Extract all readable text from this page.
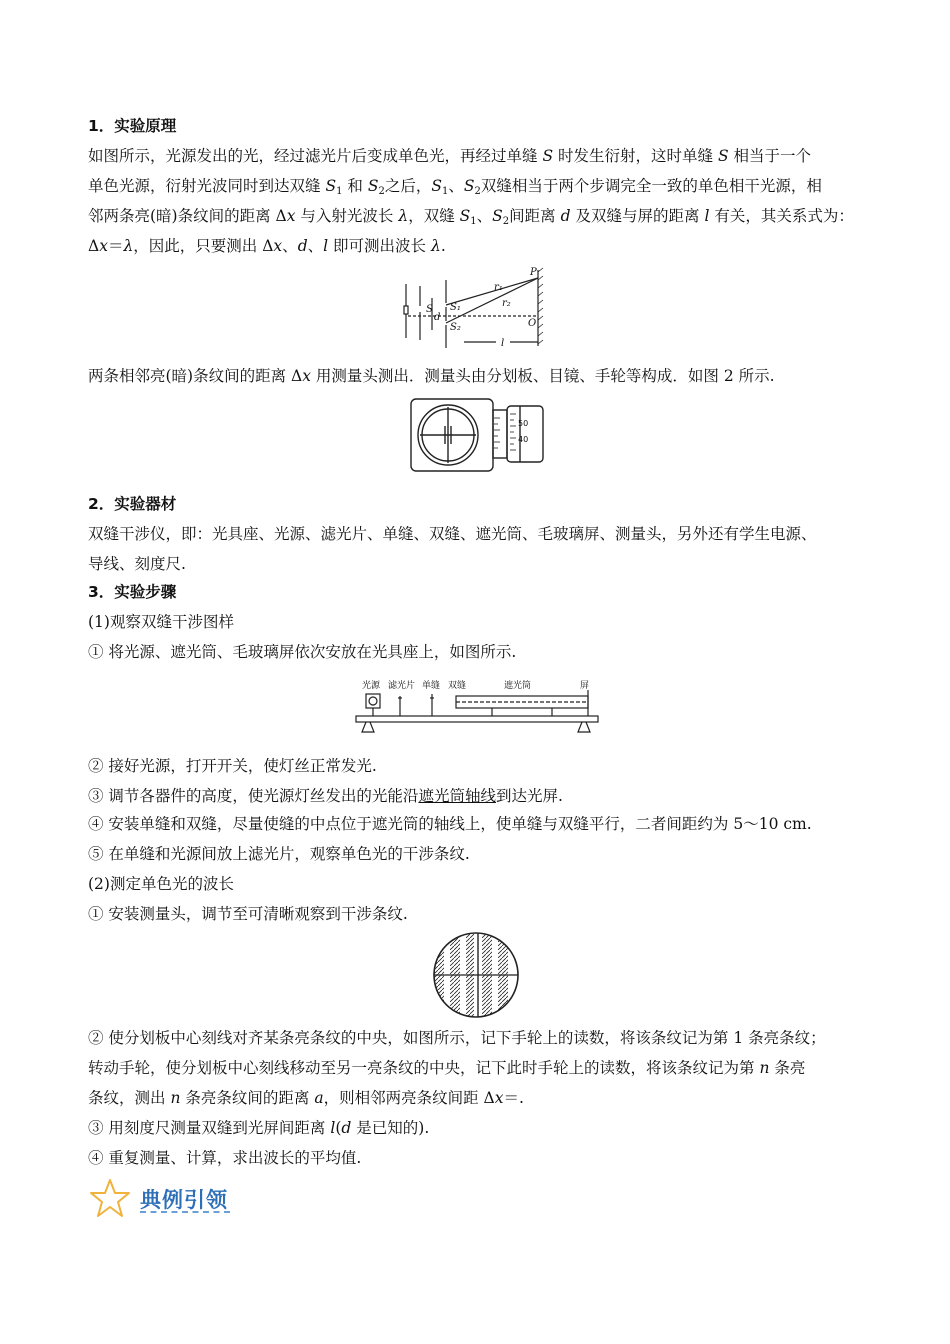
1．实验原理
如图所示，光源发出的光，经过滤光片后变成单色光，再经过单缝 S 时发生衍射，这时单缝 S 相当于一个
单色光源，衍射光波同时到达双缝 $S_1$ 和 $S_2$之后，$S_1$、$S_2$双缝相当于两个步调完全一致的单色相干光源，相
邻两条亮(暗)条纹间的距离 Δx 与入射光波长 λ，双缝 $S_1$、$S_2$间距离 d 及双缝与屏的距离 l 有关，其关系式为：
Δx＝λ，因此，只要测出 Δx、d、l 即可测出波长 λ.
P
O
S S₁
S₂
d
r₁
r₂
l
两条相邻亮(暗)条纹间的距离 Δx 用测量头测出．测量头由分划板、目镜、手轮等构成．如图 2 所示.
50
40
2．实验器材
双缝干涉仪，即：光具座、光源、滤光片、单缝、双缝、遮光筒、毛玻璃屏、测量头，另外还有学生电源、
导线、刻度尺.
3．实验步骤
(1)观察双缝干涉图样
① 将光源、遮光筒、毛玻璃屏依次安放在光具座上，如图所示.
光源 滤光片 单缝 双缝	遮光筒	屏
② 接好光源，打开开关，使灯丝正常发光.
③ 调节各器件的高度，使光源灯丝发出的光能沿遮光筒轴线到达光屏.
④ 安装单缝和双缝，尽量使缝的中点位于遮光筒的轴线上，使单缝与双缝平行，二者间距约为 5～10 cm.
⑤ 在单缝和光源间放上滤光片，观察单色光的干涉条纹.
(2)测定单色光的波长
① 安装测量头，调节至可清晰观察到干涉条纹.
② 使分划板中心刻线对齐某条亮条纹的中央，如图所示，记下手轮上的读数，将该条纹记为第 1 条亮条纹；
转动手轮，使分划板中心刻线移动至另一亮条纹的中央，记下此时手轮上的读数，将该条纹记为第 n 条亮
条纹，测出 n 条亮条纹间的距离 a，则相邻两亮条纹间距 Δx＝.
③ 用刻度尺测量双缝到光屏间距离 l(d 是已知的).
④ 重复测量、计算，求出波长的平均值.
典例引领
